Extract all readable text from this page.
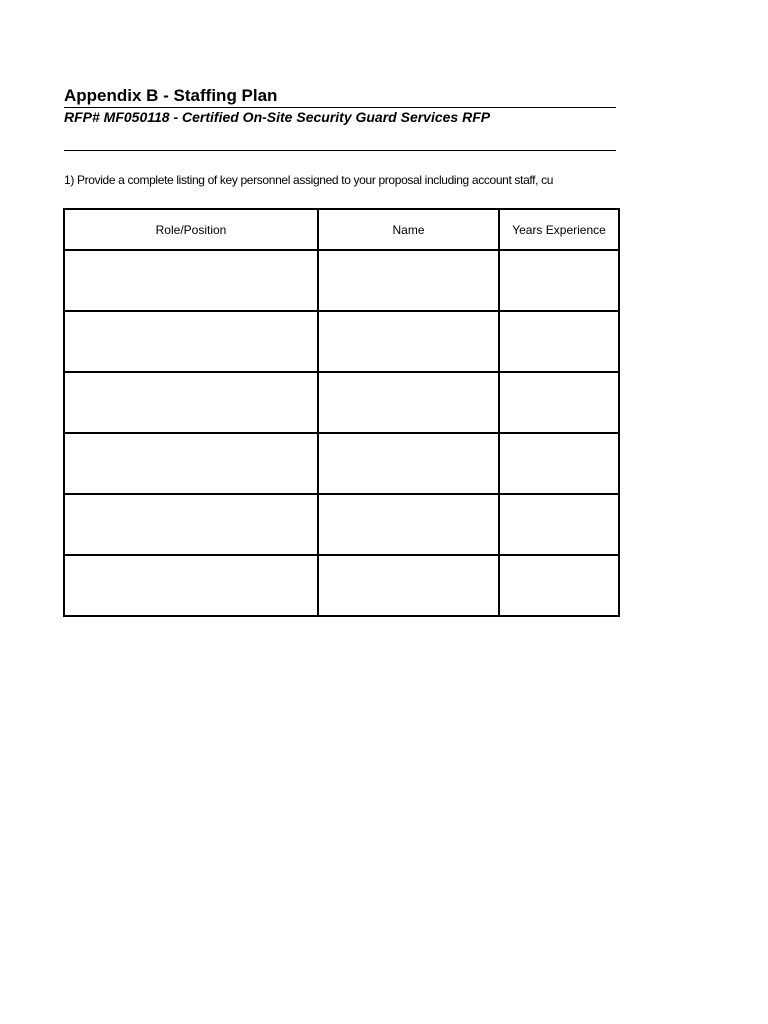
Appendix B - Staffing Plan
RFP# MF050118 - Certified On-Site Security Guard Services RFP
1) Provide a complete listing of key personnel assigned to your proposal including account staff, cu
Role/Position	Name	Years Experience
